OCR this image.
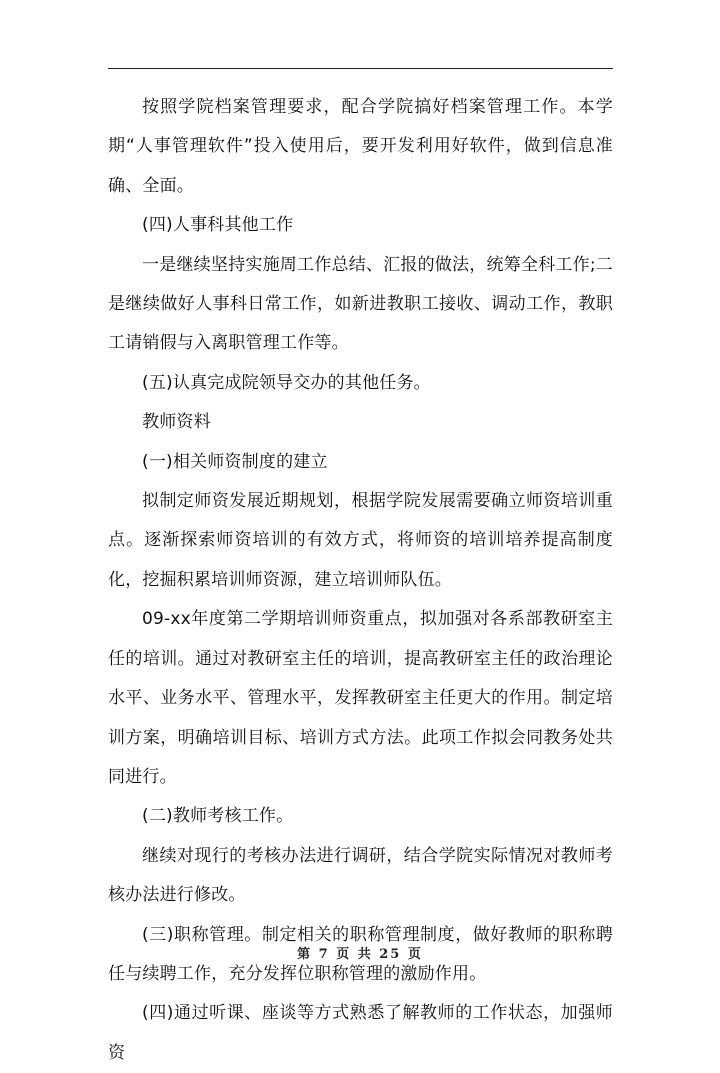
按照学院档案管理要求，配合学院搞好档案管理工作。本学期“人事管理软件”投入使用后，要开发利用好软件，做到信息准确、全面。

(四)人事科其他工作

一是继续坚持实施周工作总结、汇报的做法，统筹全科工作;二是继续做好人事科日常工作，如新进教职工接收、调动工作，教职工请销假与入离职管理工作等。

(五)认真完成院领导交办的其他任务。

教师资料

(一)相关师资制度的建立

拟制定师资发展近期规划，根据学院发展需要确立师资培训重点。逐渐探索师资培训的有效方式，将师资的培训培养提高制度化，挖掘积累培训师资源，建立培训师队伍。

09-xx年度第二学期培训师资重点，拟加强对各系部教研室主任的培训。通过对教研室主任的培训，提高教研室主任的政治理论水平、业务水平、管理水平，发挥教研室主任更大的作用。制定培训方案，明确培训目标、培训方式方法。此项工作拟会同教务处共同进行。

(二)教师考核工作。

继续对现行的考核办法进行调研，结合学院实际情况对教师考核办法进行修改。

(三)职称管理。制定相关的职称管理制度，做好教师的职称聘任与续聘工作，充分发挥位职称管理的激励作用。

(四)通过听课、座谈等方式熟悉了解教师的工作状态，加强师资

第 7 页 共 25 页
